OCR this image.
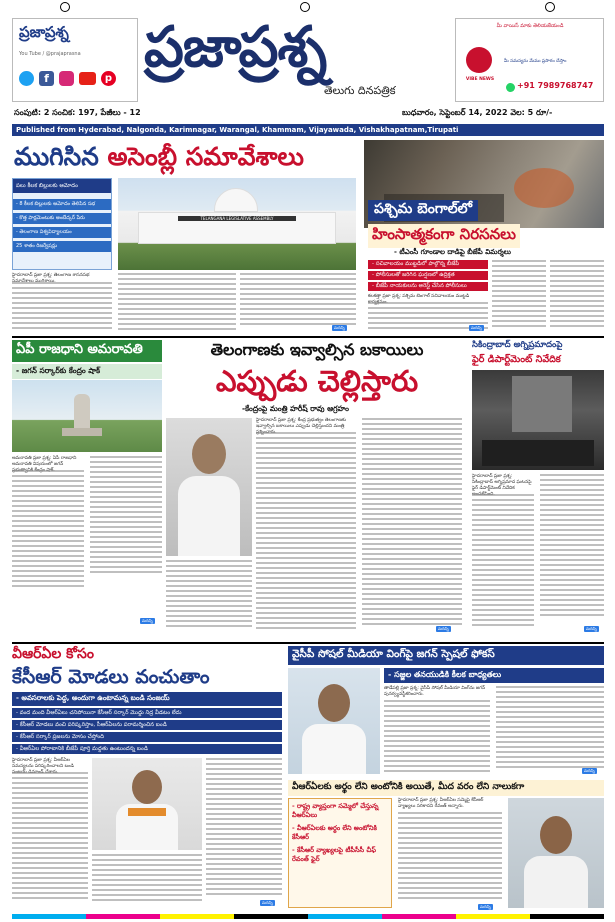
ప్రజాప్రశ్న
You Tube / @prajaprasna
f	p ప్రజాప్రశ్న
తెలుగు దినపత్రిక
మీ వాయిస్ మాకు తెలియజేయండి
VIBE NEWS
మీ సమస్యను మేము ప్రసారం చేస్తాం
+91 7989768747
సంపుటి: 2 సంచిక: 197, పేజీలు - 12	బుధవారం, సెప్టెంబర్ 14, 2022 వెల: 5 రూ/-
Published from Hyderabad, Nalgonda, Karimnagar, Warangal, Khammam, Vijayawada, Vishakhapatnam,Tirupati
ముగిసిన అసెంబ్లీ సమావేశాలు
పలు కీలక బిల్లులకు ఆమోదం
- 8 కీలక బిల్లులకు ఆమోదం తెలిపిన సభ
- కొత్త పార్లమెంటుకు అంబేద్కర్ పేరు
- తెలంగాణ విశ్వవిద్యాలయం
25 శాతం రిజర్వేషన్లు
TELANGANA LEGISLATIVE ASSEMBLY
హైదరాబాద్ ప్రజా ప్రశ్న: తెలంగాణ శాసనసభ
మరిన్ని
పశ్చిమ బెంగాల్‌లో
హింసాత్మకంగా నిరసనలు
- టీఎంసీ గూండాల దాడిపై బీజేపీ విమర్శలు
- సచివాలయం ముట్టడిలో పాల్గొన్న బీజేపీ
- పోలీసులతో జరిగిన ఘర్షణలో ఉద్రిక్తత
- బీజేపీ నాయకులను అరెస్ట్ చేసిన పోలీసులు
కలకత్తా ప్రజా ప్రశ్న: పశ్చిమ బెంగాల్ సచివాలయం ముట్టడి
మరిన్ని
ఏపీ రాజధాని అమరావతి
- జగన్ సర్కార్‌కు కేంద్రం షాక్
అమరావతి ప్రజా ప్రశ్న: ఏపీ రాజధాని అమరావతి విషయంలో జగన్
మరిన్ని
తెలంగాణకు ఇవ్వాల్సిన బకాయిలు
ఎప్పుడు చెల్లిస్తారు
-కేంద్రంపై మంత్రి హరీష్ రావు ఆగ్రహం
హైదరాబాద్ ప్రజా ప్రశ్న: కేంద్ర ప్రభుత్వం తెలంగాణకు ఇవ్వాల్సిన బకాయిలు ఎప్పుడు చెల్లిస్తుందని మంత్రి
మరిన్ని
సికింద్రాబాద్ అగ్నిప్రమాదంపై
ఫైర్ డిపార్ట్‌మెంట్ నివేదిక
హైదరాబాద్ ప్రజా ప్రశ్న: సికింద్రాబాద్ అగ్నిప్రమాద ఘటనపై ఫైర్ డిపార్ట్‌మెంట్ నివేదిక
మరిన్ని
వీఆర్ఏల కోసం
కేసీఆర్ మోడలు వంచుతాం
- అవసరాలకు పెద్ద, అందుగా ఉంటామన్న బండి సంజయ్
- వంద మంది వీఆర్ఏలు చనిపోయినా కేసీఆర్ సర్కార్ మొద్దు నిద్ర వీడటం లేదు
- కేసీఆర్ మోడలు వంచి పరిష్కరిస్తాం, సీఆర్ఏలను పరామర్శించిన బండి
- కేసీఆర్ సర్కార్ ప్రజలను మోసం చేస్తోంది
- వీఆర్ఏల పోరాటానికి బీజేపీ పూర్తి మద్దతు ఉంటుందన్న బండి
హైదరాబాద్ ప్రజా ప్రశ్న: వీఆర్ఏల సమస్యలను పరిష్కరించాలని బండి
మరిన్ని
వైసీపీ సోషల్ మీడియా వింగ్‌పై జగన్ స్పెషల్ ఫోకస్
- సజ్జల తనయుడికి కీలక బాధ్యతలు
తాడేపల్లి ప్రజా ప్రశ్న: వైసీపీ సోషల్ మీడియా వింగ్‌ను జగన్ పునర్వ్యవస్థీకరించారు.
మరిన్ని
వీఆర్ఏలకు అర్థం లేని అంటోనికి అయితే, మీద వరం లేని నాలుకగా
- రాష్ట్ర వ్యాప్తంగా సమ్మెలో చేస్తున్న వీఆర్ఏలు
- వీఆర్ఏలకు అర్థం లేని అంటోనికి కేసీఆర్
- కేసీఆర్ వ్యాఖ్యలపై టీపీసీసీ చీఫ్ రేవంత్ ఫైర్
హైదరాబాద్ ప్రజా ప్రశ్న: వీఆర్ఏల సమ్మెపై కేసీఆర్ వ్యాఖ్యలు సరికాదని రేవంత్ అన్నారు.
మరిన్ని
